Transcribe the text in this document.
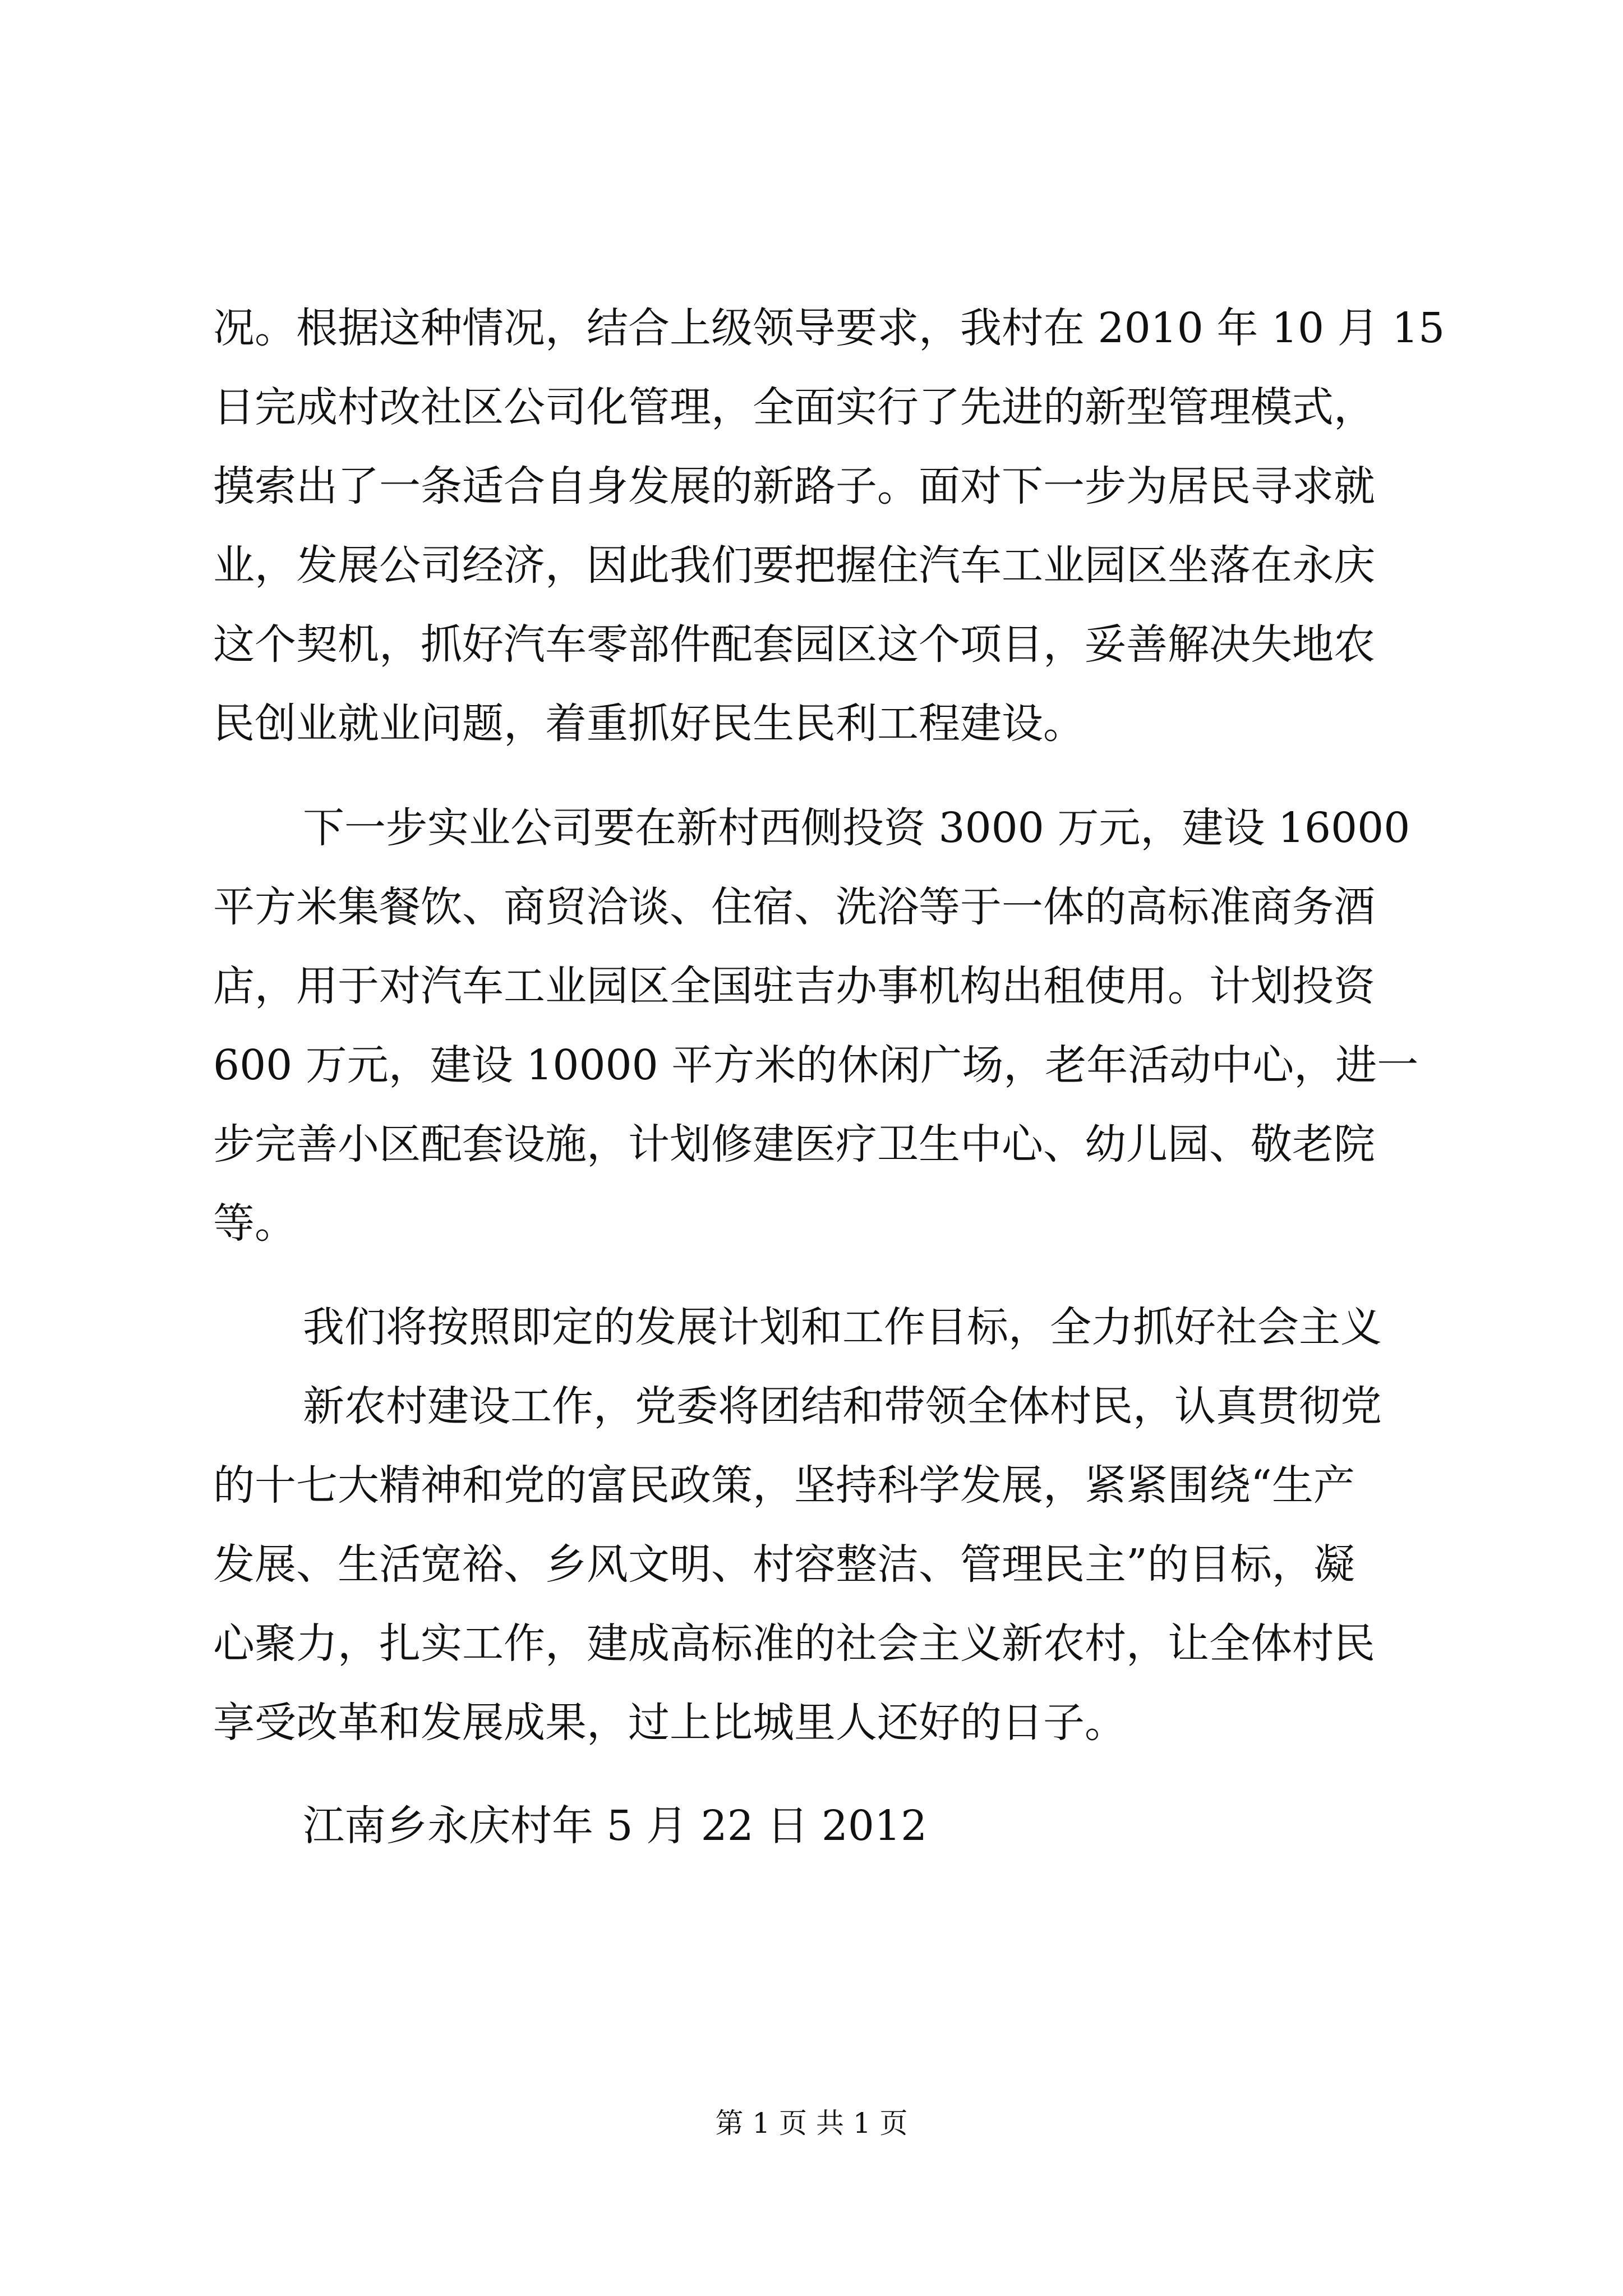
况。根据这种情况，结合上级领导要求，我村在 2010 年 10 月 15
日完成村改社区公司化管理，全面实行了先进的新型管理模式，
摸索出了一条适合自身发展的新路子。面对下一步为居民寻求就
业，发展公司经济，因此我们要把握住汽车工业园区坐落在永庆
这个契机，抓好汽车零部件配套园区这个项目，妥善解决失地农
民创业就业问题，着重抓好民生民利工程建设。
下一步实业公司要在新村西侧投资 3000 万元，建设 16000
平方米集餐饮、商贸洽谈、住宿、洗浴等于一体的高标准商务酒
店，用于对汽车工业园区全国驻吉办事机构出租使用。计划投资
600 万元，建设 10000 平方米的休闲广场，老年活动中心，进一
步完善小区配套设施，计划修建医疗卫生中心、幼儿园、敬老院
等。
我们将按照即定的发展计划和工作目标，全力抓好社会主义
新农村建设工作，党委将团结和带领全体村民，认真贯彻党
的十七大精神和党的富民政策，坚持科学发展，紧紧围绕“生产
发展、生活宽裕、乡风文明、村容整洁、管理民主”的目标，凝
心聚力，扎实工作，建成高标准的社会主义新农村，让全体村民
享受改革和发展成果，过上比城里人还好的日子。
江南乡永庆村年 5 月 22 日 2012
第 1 页 共 1 页
